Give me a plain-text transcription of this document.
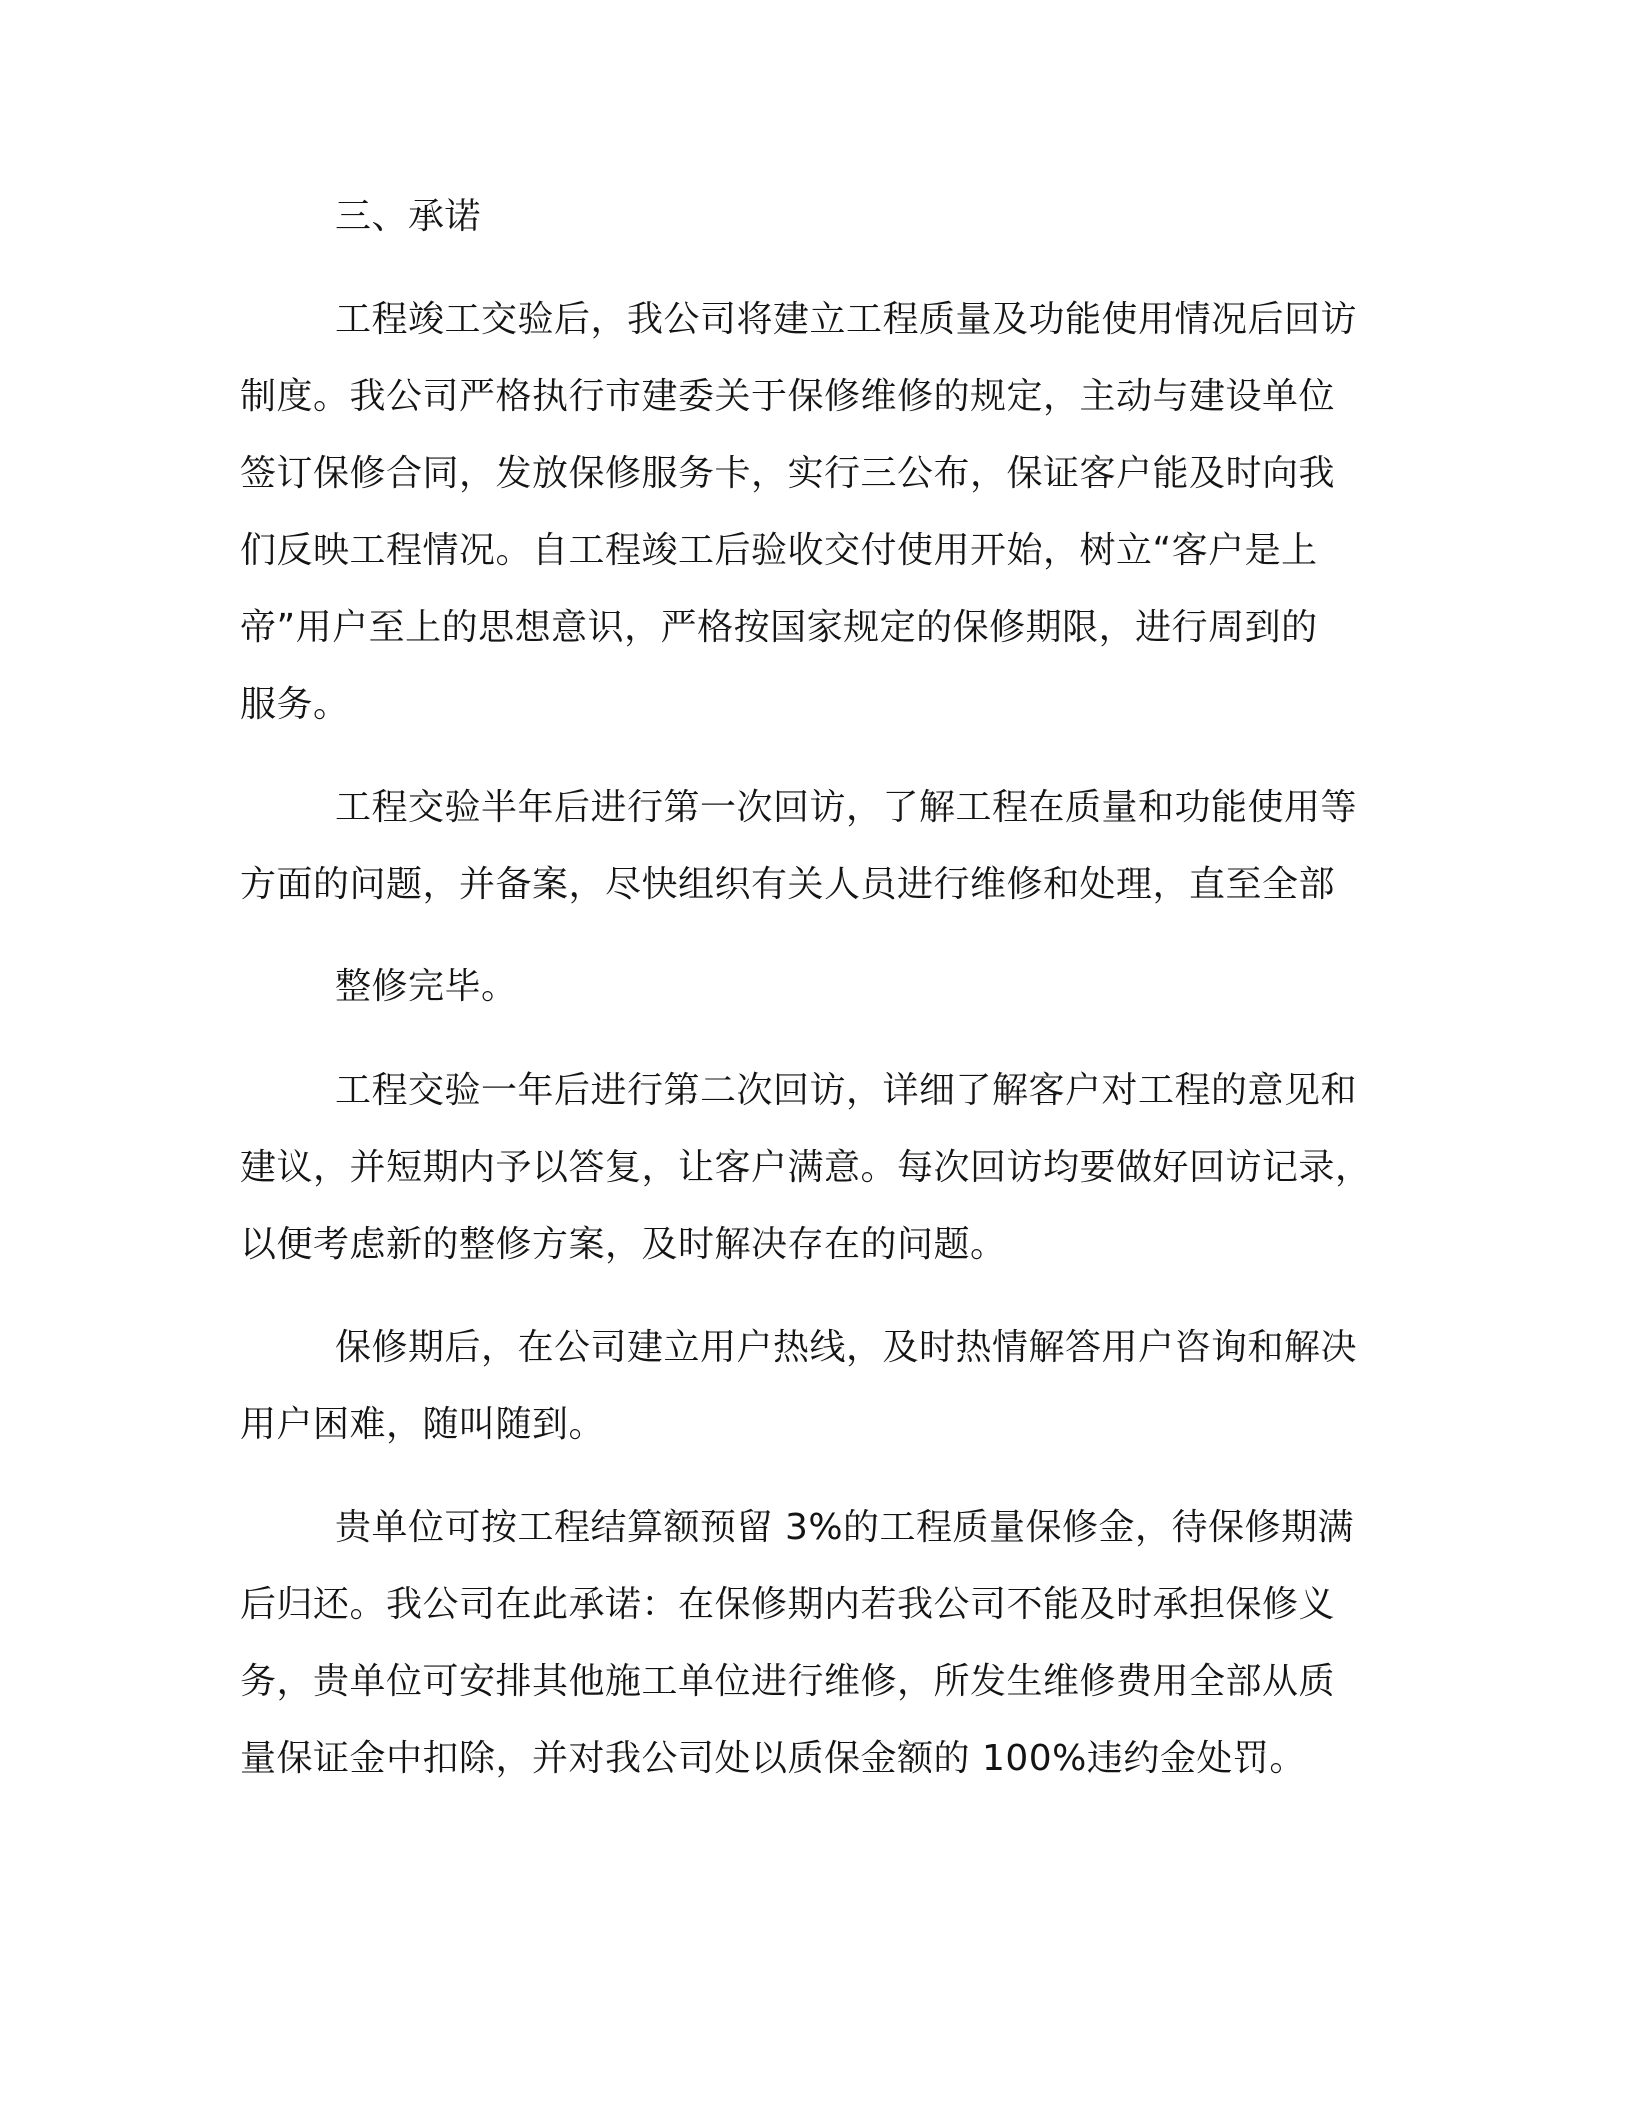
三、承诺

工程竣工交验后，我公司将建立工程质量及功能使用情况后回访

制度。我公司严格执行市建委关于保修维修的规定，主动与建设单位

签订保修合同，发放保修服务卡，实行三公布，保证客户能及时向我

们反映工程情况。自工程竣工后验收交付使用开始，树立“客户是上

帝”用户至上的思想意识，严格按国家规定的保修期限，进行周到的

服务。

工程交验半年后进行第一次回访，了解工程在质量和功能使用等

方面的问题，并备案，尽快组织有关人员进行维修和处理，直至全部

整修完毕。

工程交验一年后进行第二次回访，详细了解客户对工程的意见和

建议，并短期内予以答复，让客户满意。每次回访均要做好回访记录，

以便考虑新的整修方案，及时解决存在的问题。

保修期后，在公司建立用户热线，及时热情解答用户咨询和解决

用户困难，随叫随到。

贵单位可按工程结算额预留 3%的工程质量保修金，待保修期满

后归还。我公司在此承诺：在保修期内若我公司不能及时承担保修义

务，贵单位可安排其他施工单位进行维修，所发生维修费用全部从质

量保证金中扣除，并对我公司处以质保金额的 100%违约金处罚。
